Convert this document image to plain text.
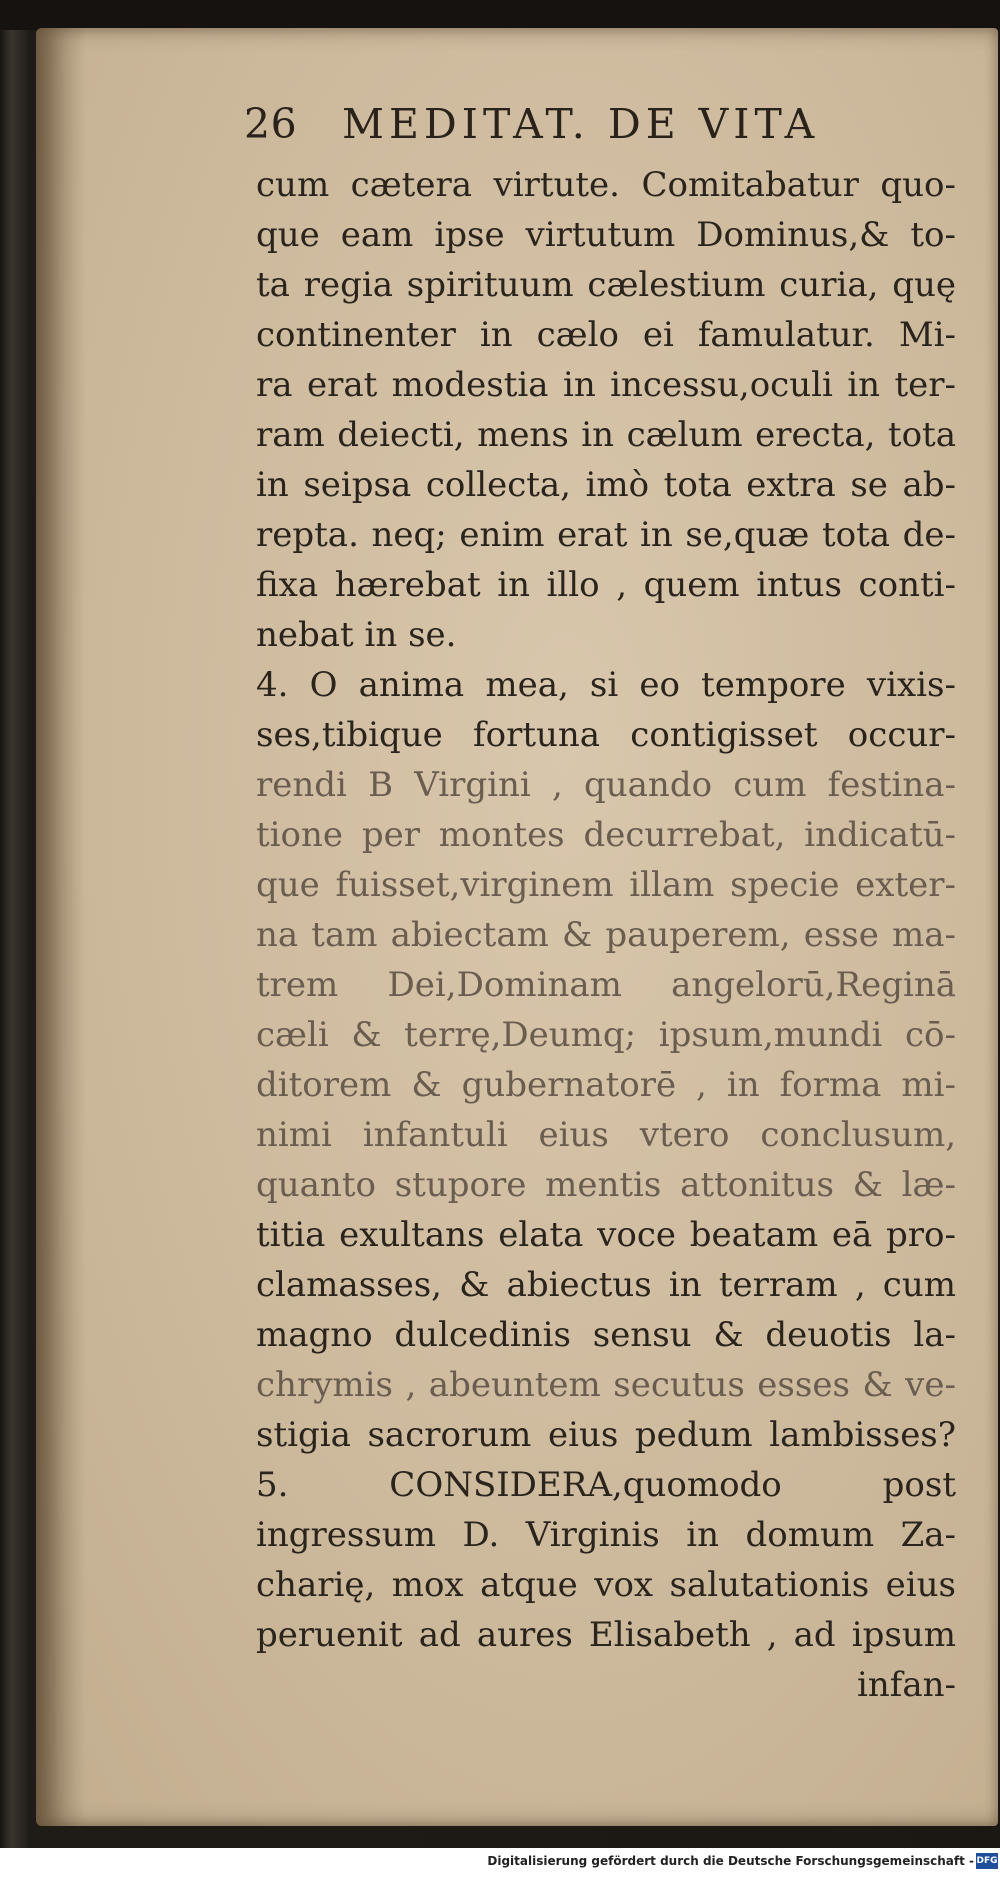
26 MEDITAT. DE VITA
cum cætera virtute. Comitabatur quo-
que eam ipse virtutum Dominus,& to-
ta regia spirituum cælestium curia, quę
continenter in cælo ei famulatur. Mi-
ra erat modestia in incessu,oculi in ter-
ram deiecti, mens in cælum erecta, tota
in seipsa collecta, imò tota extra se ab-
repta. neq; enim erat in se,quæ tota de-
fixa hærebat in illo , quem intus conti-
nebat in se.
4. O anima mea, si eo tempore vixis-
ses,tibique fortuna contigisset occur-
rendi B Virgini , quando cum festina-
tione per montes decurrebat, indicatū-
que fuisset,virginem illam specie exter-
na tam abiectam & pauperem, esse ma-
trem Dei,Dominam angelorū,Reginā
cæli & terrę,Deumq; ipsum,mundi cō-
ditorem & gubernatorē , in forma mi-
nimi infantuli eius vtero conclusum,
quanto stupore mentis attonitus & læ-
titia exultans elata voce beatam eā pro-
clamasses, & abiectus in terram , cum
magno dulcedinis sensu & deuotis la-
chrymis , abeuntem secutus esses & ve-
stigia sacrorum eius pedum lambisses?
5. CONSIDERA,quomodo post
ingressum D. Virginis in domum Za-
charię, mox atque vox salutationis eius
peruenit ad aures Elisabeth , ad ipsum
infan-
Digitalisierung gefördert durch die Deutsche Forschungsgemeinschaft - DFG
